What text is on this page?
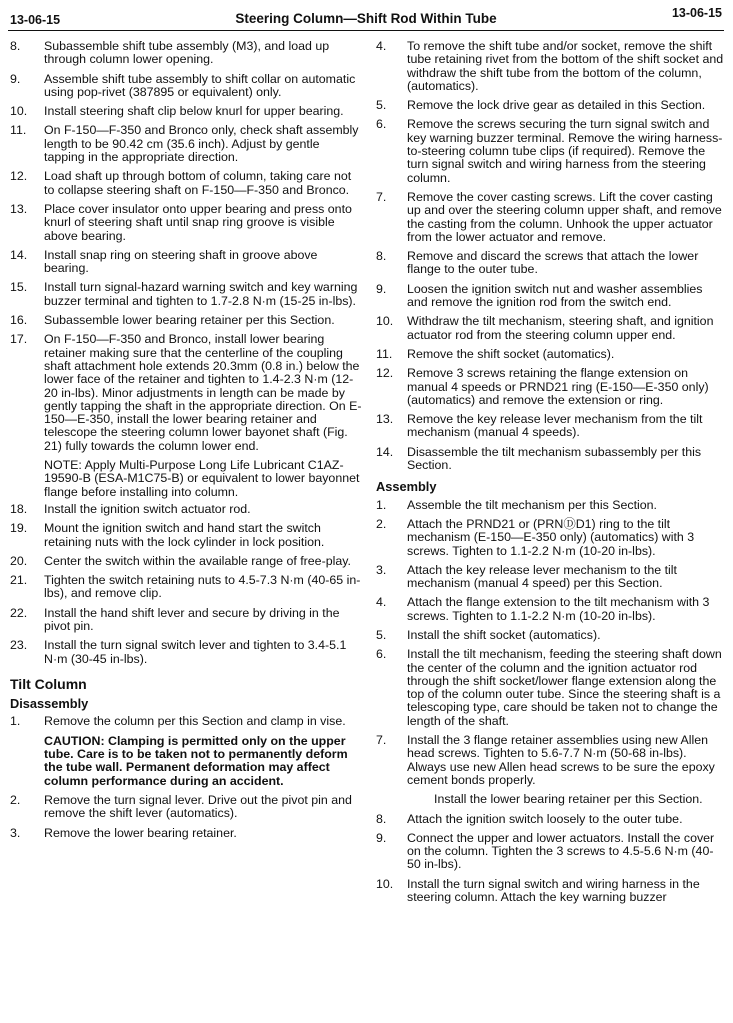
13-06-15	Steering Column—Shift Rod Within Tube	13-06-15
8.	Subassemble shift tube assembly (M3), and load up through column lower opening.
9.	Assemble shift tube assembly to shift collar on automatic using pop-rivet (387895 or equivalent) only.
10.	Install steering shaft clip below knurl for upper bearing.
11.	On F-150—F-350 and Bronco only, check shaft assembly length to be 90.42 cm (35.6 inch). Adjust by gentle tapping in the appropriate direction.
12.	Load shaft up through bottom of column, taking care not to collapse steering shaft on F-150—F-350 and Bronco.
13.	Place cover insulator onto upper bearing and press onto knurl of steering shaft until snap ring groove is visible above bearing.
14.	Install snap ring on steering shaft in groove above bearing.
15.	Install turn signal-hazard warning switch and key warning buzzer terminal and tighten to 1.7-2.8 N·m (15-25 in-lbs).
16.	Subassemble lower bearing retainer per this Section.
17.	On F-150—F-350 and Bronco, install lower bearing retainer making sure that the centerline of the coupling shaft attachment hole extends 20.3mm (0.8 in.) below the lower face of the retainer and tighten to 1.4-2.3 N·m (12-20 in-lbs). Minor adjustments in length can be made by gently tapping the shaft in the appropriate direction. On E-150—E-350, install the lower bearing retainer and telescope the steering column lower bayonet shaft (Fig. 21) fully towards the column lower end.
NOTE: Apply Multi-Purpose Long Life Lubricant C1AZ-19590-B (ESA-M1C75-B) or equivalent to lower bayonnet flange before installing into column.
18.	Install the ignition switch actuator rod.
19.	Mount the ignition switch and hand start the switch retaining nuts with the lock cylinder in lock position.
20.	Center the switch within the available range of free-play.
21.	Tighten the switch retaining nuts to 4.5-7.3 N·m (40-65 in-lbs), and remove clip.
22.	Install the hand shift lever and secure by driving in the pivot pin.
23.	Install the turn signal switch lever and tighten to 3.4-5.1 N·m (30-45 in-lbs).
Tilt Column
Disassembly
1.	Remove the column per this Section and clamp in vise.
CAUTION: Clamping is permitted only on the upper tube. Care is to be taken not to permanently deform the tube wall. Permanent deformation may affect column performance during an accident.
2.	Remove the turn signal lever. Drive out the pivot pin and remove the shift lever (automatics).
3.	Remove the lower bearing retainer.
4.	To remove the shift tube and/or socket, remove the shift tube retaining rivet from the bottom of the shift socket and withdraw the shift tube from the bottom of the column, (automatics).
5.	Remove the lock drive gear as detailed in this Section.
6.	Remove the screws securing the turn signal switch and key warning buzzer terminal. Remove the wiring harness-to-steering column tube clips (if required). Remove the turn signal switch and wiring harness from the steering column.
7.	Remove the cover casting screws. Lift the cover casting up and over the steering column upper shaft, and remove the casting from the column. Unhook the upper actuator from the lower actuator and remove.
8.	Remove and discard the screws that attach the lower flange to the outer tube.
9.	Loosen the ignition switch nut and washer assemblies and remove the ignition rod from the switch end.
10.	Withdraw the tilt mechanism, steering shaft, and ignition actuator rod from the steering column upper end.
11.	Remove the shift socket (automatics).
12.	Remove 3 screws retaining the flange extension on manual 4 speeds or PRND21 ring (E-150—E-350 only) (automatics) and remove the extension or ring.
13.	Remove the key release lever mechanism from the tilt mechanism (manual 4 speeds).
14.	Disassemble the tilt mechanism subassembly per this Section.
Assembly
1.	Assemble the tilt mechanism per this Section.
2.	Attach the PRND21 or (PRNⒹD1) ring to the tilt mechanism (E-150—E-350 only) (automatics) with 3 screws. Tighten to 1.1-2.2 N·m (10-20 in-lbs).
3.	Attach the key release lever mechanism to the tilt mechanism (manual 4 speed) per this Section.
4.	Attach the flange extension to the tilt mechanism with 3 screws. Tighten to 1.1-2.2 N·m (10-20 in-lbs).
5.	Install the shift socket (automatics).
6.	Install the tilt mechanism, feeding the steering shaft down the center of the column and the ignition actuator rod through the shift socket/lower flange extension along the top of the column outer tube. Since the steering shaft is a telescoping type, care should be taken not to change the length of the shaft.
7.	Install the 3 flange retainer assemblies using new Allen head screws. Tighten to 5.6-7.7 N·m (50-68 in-lbs). Always use new Allen head screws to be sure the epoxy cement bonds properly.
Install the lower bearing retainer per this Section.
8.	Attach the ignition switch loosely to the outer tube.
9.	Connect the upper and lower actuators. Install the cover on the column. Tighten the 3 screws to 4.5-5.6 N·m (40-50 in-lbs).
10.	Install the turn signal switch and wiring harness in the steering column. Attach the key warning buzzer
